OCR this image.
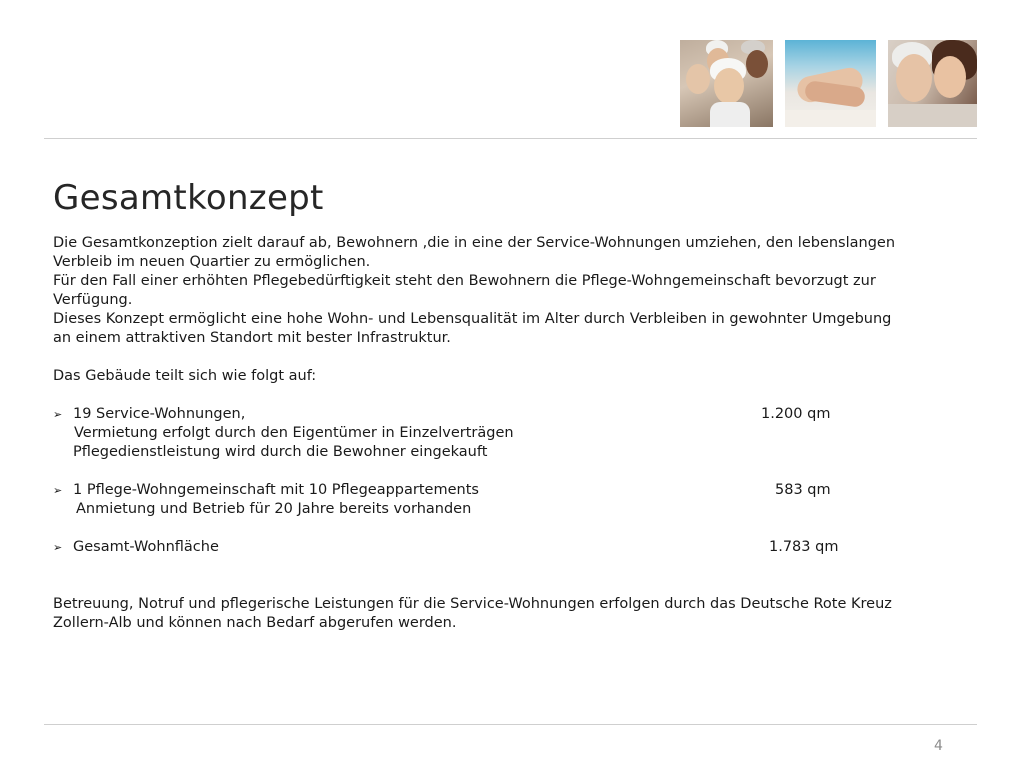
Gesamtkonzept

Die Gesamtkonzeption zielt darauf ab, Bewohnern ,die in eine der Service-Wohnungen umziehen, den lebenslangen

Verbleib im neuen Quartier zu ermöglichen.

Für den Fall einer erhöhten Pflegebedürftigkeit steht den Bewohnern die Pflege-Wohngemeinschaft bevorzugt zur

Verfügung.

Dieses Konzept ermöglicht eine hohe Wohn- und Lebensqualität im Alter durch Verbleiben in gewohnter Umgebung

an einem attraktiven Standort mit bester Infrastruktur.

Das Gebäude teilt sich wie folgt auf:

➢ 19 Service-Wohnungen,	1.200 qm

Vermietung erfolgt durch den Eigentümer in Einzelverträgen

Pflegedienstleistung wird durch die Bewohner eingekauft

➢ 1 Pflege-Wohngemeinschaft mit 10 Pflegeappartements	583 qm

Anmietung und Betrieb für 20 Jahre bereits vorhanden

➢ Gesamt-Wohnfläche	1.783 qm

Betreuung, Notruf und pflegerische Leistungen für die Service-Wohnungen erfolgen durch das Deutsche Rote Kreuz

Zollern-Alb und können nach Bedarf abgerufen werden.

4
